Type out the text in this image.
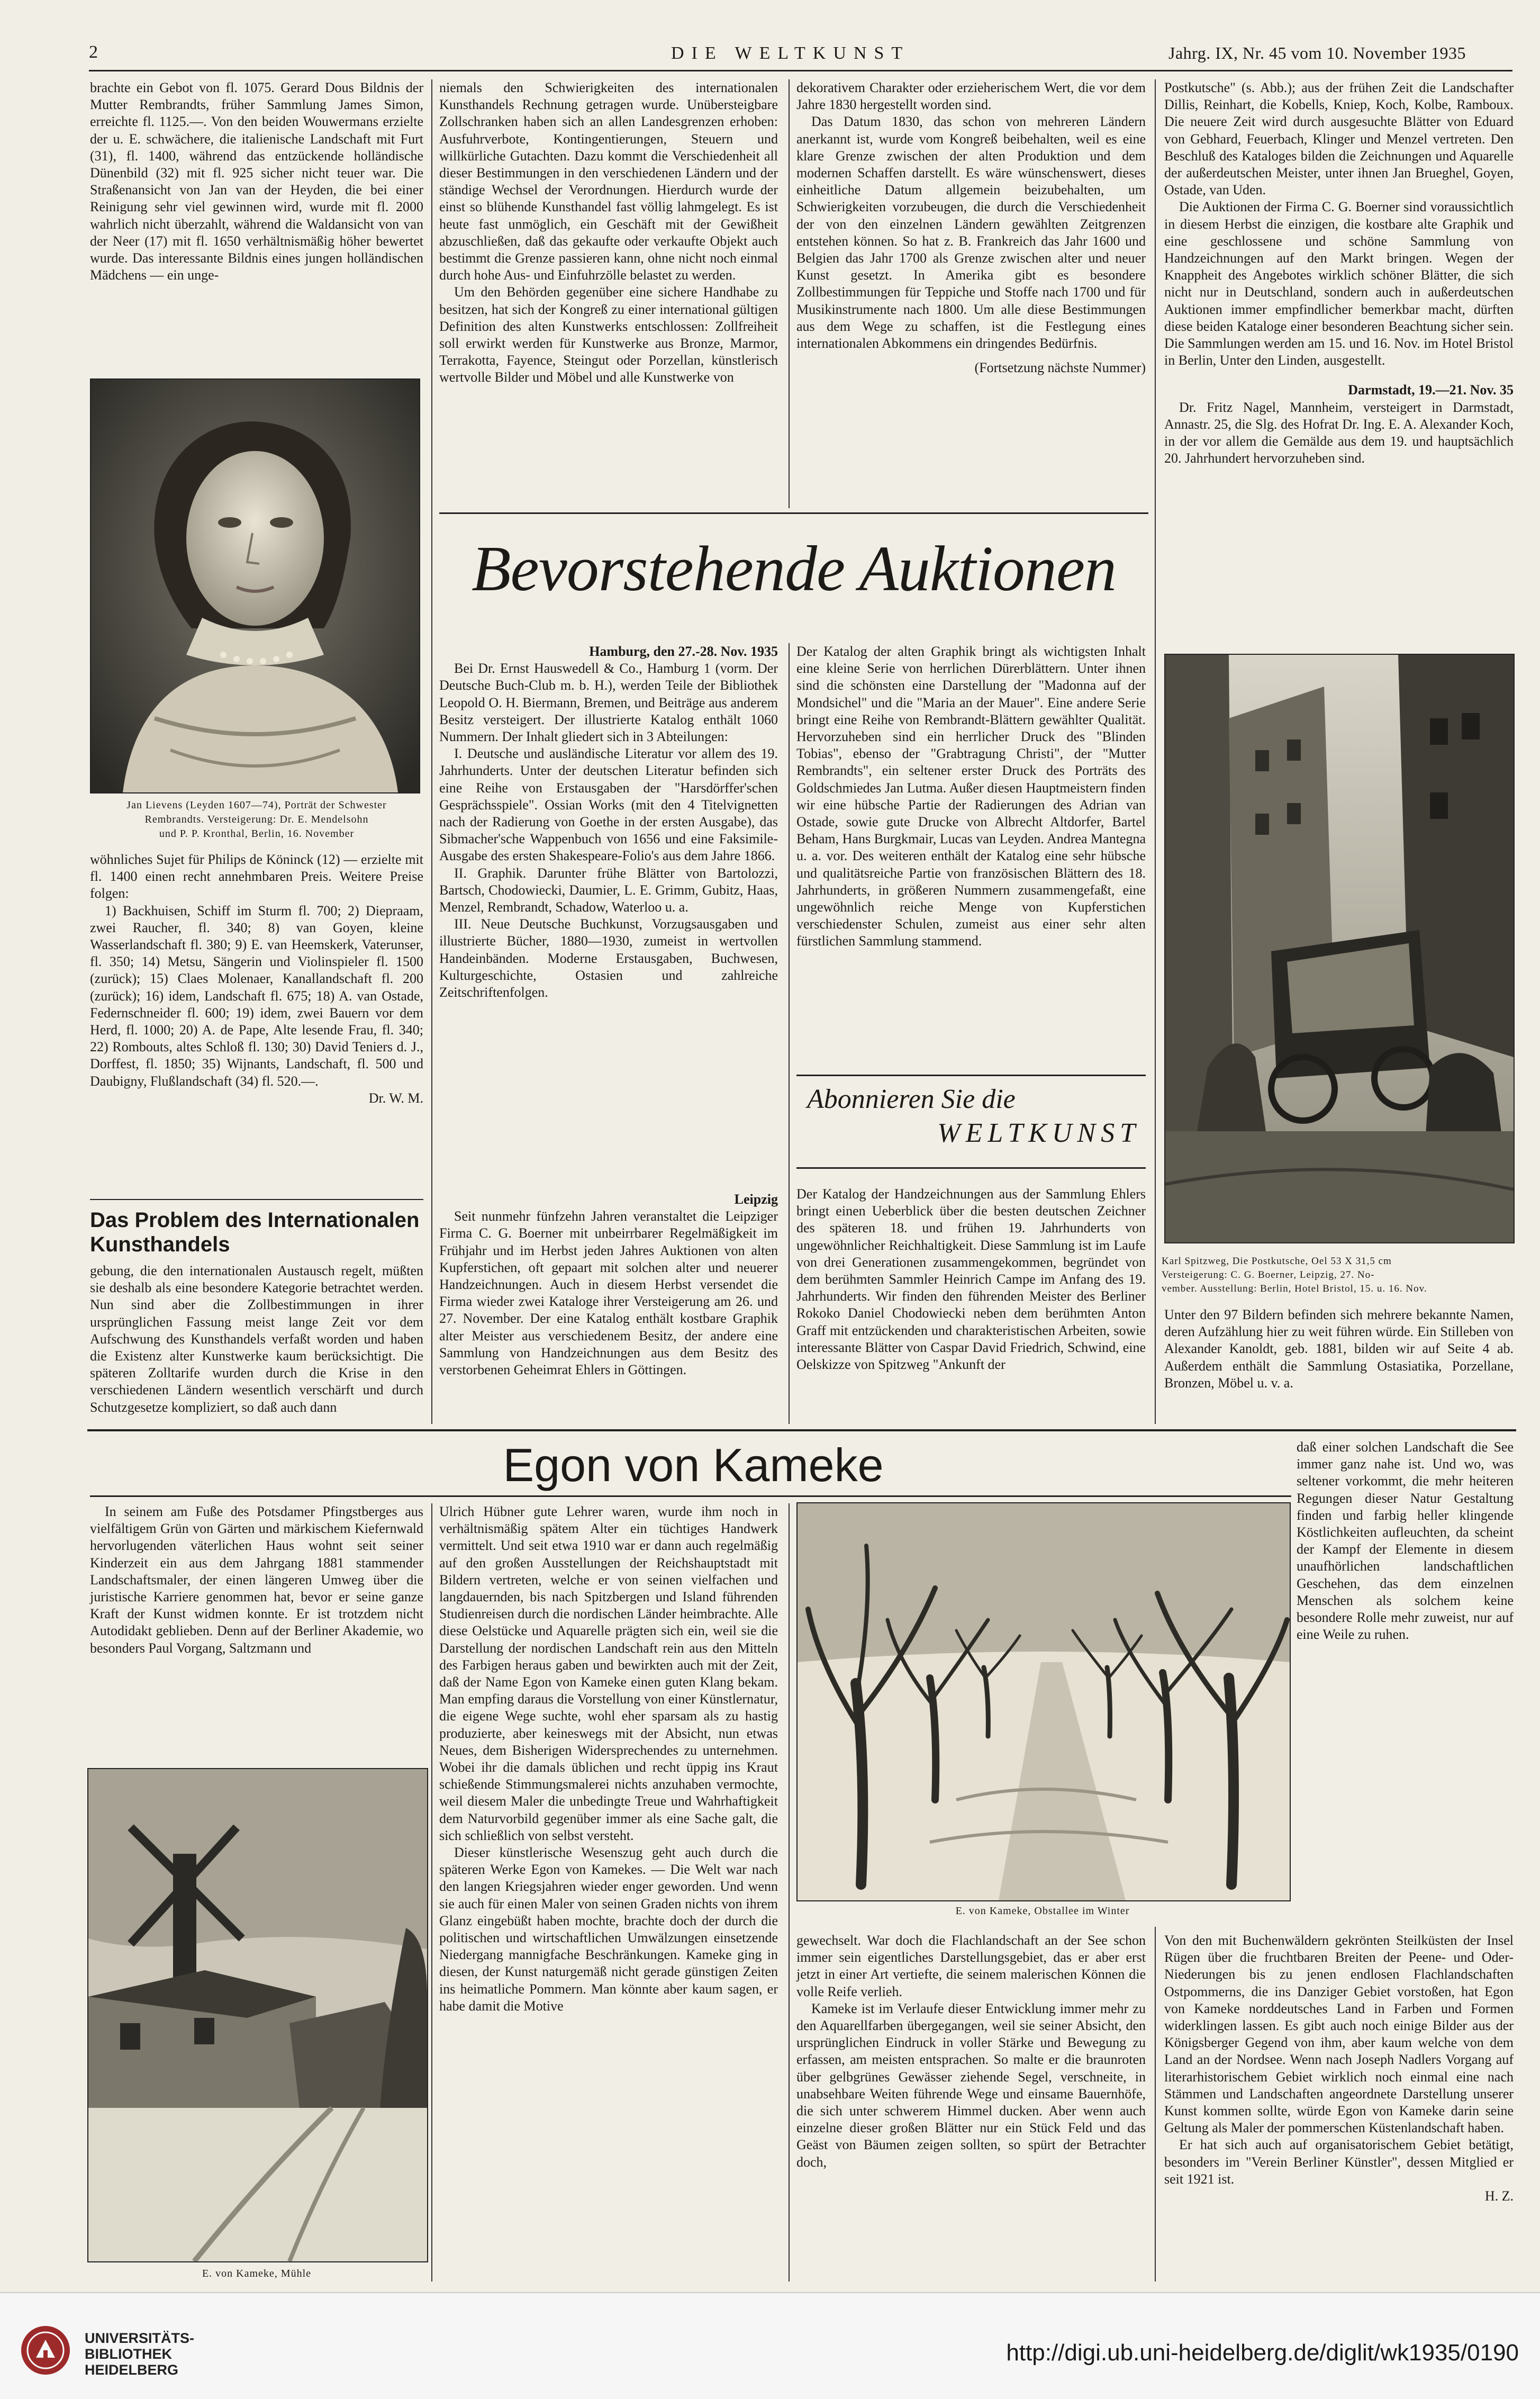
2	DIE WELTKUNST	Jahrg. IX, Nr. 45 vom 10. November 1935

brachte ein Gebot von fl. 1075. Gerard Dous Bildnis der Mutter Rembrandts, früher Sammlung James Simon, erreichte fl. 1125.—. Von den beiden Wouwermans erzielte der u. E. schwächere, die italienische Landschaft mit Furt (31), fl. 1400, während das entzückende holländische Dünenbild (32) mit fl. 925 sicher nicht teuer war. Die Straßenansicht von Jan van der Heyden, die bei einer Reinigung sehr viel gewinnen wird, wurde mit fl. 2000 wahrlich nicht überzahlt, während die Waldansicht von van der Neer (17) mit fl. 1650 verhältnismäßig höher bewertet wurde. Das interessante Bildnis eines jungen holländischen Mädchens — ein unge-

Jan Lievens (Leyden 1607—74), Porträt der Schwester
Rembrandts. Versteigerung: Dr. E. Mendelsohn
und P. P. Kronthal, Berlin, 16. November

wöhnliches Sujet für Philips de Köninck (12) — erzielte mit fl. 1400 einen recht annehmbaren Preis. Weitere Preise folgen:

1) Backhuisen, Schiff im Sturm fl. 700; 2) Diepraam, zwei Raucher, fl. 340; 8) van Goyen, kleine Wasserlandschaft fl. 380; 9) E. van Heemskerk, Vaterunser, fl. 350; 14) Metsu, Sängerin und Violinspieler fl. 1500 (zurück); 15) Claes Molenaer, Kanallandschaft fl. 200 (zurück); 16) idem, Landschaft fl. 675; 18) A. van Ostade, Federnschneider fl. 600; 19) idem, zwei Bauern vor dem Herd, fl. 1000; 20) A. de Pape, Alte lesende Frau, fl. 340; 22) Rombouts, altes Schloß fl. 130; 30) David Teniers d. J., Dorffest, fl. 1850; 35) Wijnants, Landschaft, fl. 500 und Daubigny, Flußlandschaft (34) fl. 520.—.

Dr. W. M.
Das Problem des Internationalen Kunsthandels

gebung, die den internationalen Austausch regelt, müßten sie deshalb als eine besondere Kategorie betrachtet werden. Nun sind aber die Zollbestimmungen in ihrer ursprünglichen Fassung meist lange Zeit vor dem Aufschwung des Kunsthandels verfaßt worden und haben die Existenz alter Kunstwerke kaum berücksichtigt. Die späteren Zolltarife wurden durch die Krise in den verschiedenen Ländern wesentlich verschärft und durch Schutzgesetze kompliziert, so daß auch dann

niemals den Schwierigkeiten des internationalen Kunsthandels Rechnung getragen wurde. Unübersteigbare Zollschranken haben sich an allen Landesgrenzen erhoben: Ausfuhrverbote, Kontingentierungen, Steuern und willkürliche Gutachten. Dazu kommt die Verschiedenheit all dieser Bestimmungen in den verschiedenen Ländern und der ständige Wechsel der Verordnungen. Hierdurch wurde der einst so blühende Kunsthandel fast völlig lahmgelegt. Es ist heute fast unmöglich, ein Geschäft mit der Gewißheit abzuschließen, daß das gekaufte oder verkaufte Objekt auch bestimmt die Grenze passieren kann, ohne nicht noch einmal durch hohe Aus- und Einfuhrzölle belastet zu werden.

Um den Behörden gegenüber eine sichere Handhabe zu besitzen, hat sich der Kongreß zu einer international gültigen Definition des alten Kunstwerks entschlossen: Zollfreiheit soll erwirkt werden für Kunstwerke aus Bronze, Marmor, Terrakotta, Fayence, Steingut oder Porzellan, künstlerisch wertvolle Bilder und Möbel und alle Kunstwerke von

dekorativem Charakter oder erzieherischem Wert, die vor dem Jahre 1830 hergestellt worden sind.

Das Datum 1830, das schon von mehreren Ländern anerkannt ist, wurde vom Kongreß beibehalten, weil es eine klare Grenze zwischen der alten Produktion und dem modernen Schaffen darstellt. Es wäre wünschenswert, dieses einheitliche Datum allgemein beizubehalten, um Schwierigkeiten vorzubeugen, die durch die Verschiedenheit der von den einzelnen Ländern gewählten Zeitgrenzen entstehen können. So hat z. B. Frankreich das Jahr 1600 und Belgien das Jahr 1700 als Grenze zwischen alter und neuer Kunst gesetzt. In Amerika gibt es besondere Zollbestimmungen für Teppiche und Stoffe nach 1700 und für Musikinstrumente nach 1800. Um alle diese Bestimmungen aus dem Wege zu schaffen, ist die Festlegung eines internationalen Abkommens ein dringendes Bedürfnis.

(Fortsetzung nächste Nummer)

Postkutsche" (s. Abb.); aus der frühen Zeit die Landschafter Dillis, Reinhart, die Kobells, Kniep, Koch, Kolbe, Ramboux. Die neuere Zeit wird durch ausgesuchte Blätter von Eduard von Gebhard, Feuerbach, Klinger und Menzel vertreten. Den Beschluß des Kataloges bilden die Zeichnungen und Aquarelle der außerdeutschen Meister, unter ihnen Jan Brueghel, Goyen, Ostade, van Uden.

Die Auktionen der Firma C. G. Boerner sind voraussichtlich in diesem Herbst die einzigen, die kostbare alte Graphik und eine geschlossene und schöne Sammlung von Handzeichnungen auf den Markt bringen. Wegen der Knappheit des Angebotes wirklich schöner Blätter, die sich nicht nur in Deutschland, sondern auch in außerdeutschen Auktionen immer empfindlicher bemerkbar macht, dürften diese beiden Kataloge einer besonderen Beachtung sicher sein. Die Sammlungen werden am 15. und 16. Nov. im Hotel Bristol in Berlin, Unter den Linden, ausgestellt.

Darmstadt, 19.—21. Nov. 35

Dr. Fritz Nagel, Mannheim, versteigert in Darmstadt, Annastr. 25, die Slg. des Hofrat Dr. Ing. E. A. Alexander Koch, in der vor allem die Gemälde aus dem 19. und hauptsächlich 20. Jahrhundert hervorzuheben sind.

Bevorstehende Auktionen
Hamburg, den 27.-28. Nov. 1935

Bei Dr. Ernst Hauswedell & Co., Hamburg 1 (vorm. Der Deutsche Buch-Club m. b. H.), werden Teile der Bibliothek Leopold O. H. Biermann, Bremen, und Beiträge aus anderem Besitz versteigert. Der illustrierte Katalog enthält 1060 Nummern. Der Inhalt gliedert sich in 3 Abteilungen:

I. Deutsche und ausländische Literatur vor allem des 19. Jahrhunderts. Unter der deutschen Literatur befinden sich eine Reihe von Erstausgaben der "Harsdörffer'schen Gesprächsspiele". Ossian Works (mit den 4 Titelvignetten nach der Radierung von Goethe in der ersten Ausgabe), das Sibmacher'sche Wappenbuch von 1656 und eine Faksimile-Ausgabe des ersten Shakespeare-Folio's aus dem Jahre 1866.

II. Graphik. Darunter frühe Blätter von Bartolozzi, Bartsch, Chodowiecki, Daumier, L. E. Grimm, Gubitz, Haas, Menzel, Rembrandt, Schadow, Waterloo u. a.

III. Neue Deutsche Buchkunst, Vorzugsausgaben und illustrierte Bücher, 1880—1930, zumeist in wertvollen Handeinbänden. Moderne Erstausgaben, Buchwesen, Kulturgeschichte, Ostasien und zahlreiche Zeitschriftenfolgen.

Leipzig

Seit nunmehr fünfzehn Jahren veranstaltet die Leipziger Firma C. G. Boerner mit unbeirrbarer Regelmäßigkeit im Frühjahr und im Herbst jeden Jahres Auktionen von alten Kupferstichen, oft gepaart mit solchen alter und neuerer Handzeichnungen. Auch in diesem Herbst versendet die Firma wieder zwei Kataloge ihrer Versteigerung am 26. und 27. November. Der eine Katalog enthält kostbare Graphik alter Meister aus verschiedenem Besitz, der andere eine Sammlung von Handzeichnungen aus dem Besitz des verstorbenen Geheimrat Ehlers in Göttingen.

Der Katalog der alten Graphik bringt als wichtigsten Inhalt eine kleine Serie von herrlichen Dürerblättern. Unter ihnen sind die schönsten eine Darstellung der "Madonna auf der Mondsichel" und die "Maria an der Mauer". Eine andere Serie bringt eine Reihe von Rembrandt-Blättern gewählter Qualität. Hervorzuheben sind ein herrlicher Druck des "Blinden Tobias", ebenso der "Grabtragung Christi", der "Mutter Rembrandts", ein seltener erster Druck des Porträts des Goldschmiedes Jan Lutma. Außer diesen Hauptmeistern finden wir eine hübsche Partie der Radierungen des Adrian van Ostade, sowie gute Drucke von Albrecht Altdorfer, Bartel Beham, Hans Burgkmair, Lucas van Leyden. Andrea Mantegna u. a. vor. Des weiteren enthält der Katalog eine sehr hübsche und qualitätsreiche Partie von französischen Blättern des 18. Jahrhunderts, in größeren Nummern zusammengefaßt, eine ungewöhnlich reiche Menge von Kupferstichen verschiedenster Schulen, zumeist aus einer sehr alten fürstlichen Sammlung stammend.

Abonnieren Sie die
WELTKUNST

Der Katalog der Handzeichnungen aus der Sammlung Ehlers bringt einen Ueberblick über die besten deutschen Zeichner des späteren 18. und frühen 19. Jahrhunderts von ungewöhnlicher Reichhaltigkeit. Diese Sammlung ist im Laufe von drei Generationen zusammengekommen, begründet von dem berühmten Sammler Heinrich Campe im Anfang des 19. Jahrhunderts. Wir finden den führenden Meister des Berliner Rokoko Daniel Chodowiecki neben dem berühmten Anton Graff mit entzückenden und charakteristischen Arbeiten, sowie interessante Blätter von Caspar David Friedrich, Schwind, eine Oelskizze von Spitzweg "Ankunft der

Karl Spitzweg, Die Postkutsche, Oel 53 X 31,5 cm
Versteigerung: C. G. Boerner, Leipzig, 27. No-
vember. Ausstellung: Berlin, Hotel Bristol, 15. u. 16. Nov.

Unter den 97 Bildern befinden sich mehrere bekannte Namen, deren Aufzählung hier zu weit führen würde. Ein Stilleben von Alexander Kanoldt, geb. 1881, bilden wir auf Seite 4 ab. Außerdem enthält die Sammlung Ostasiatika, Porzellane, Bronzen, Möbel u. v. a.

Egon von Kameke

In seinem am Fuße des Potsdamer Pfingstberges aus vielfältigem Grün von Gärten und märkischem Kiefernwald hervorlugenden väterlichen Haus wohnt seit seiner Kinderzeit ein aus dem Jahrgang 1881 stammender Landschaftsmaler, der einen längeren Umweg über die juristische Karriere genommen hat, bevor er seine ganze Kraft der Kunst widmen konnte. Er ist trotzdem nicht Autodidakt geblieben. Denn auf der Berliner Akademie, wo besonders Paul Vorgang, Saltzmann und

E. von Kameke, Mühle

Ulrich Hübner gute Lehrer waren, wurde ihm noch in verhältnismäßig spätem Alter ein tüchtiges Handwerk vermittelt. Und seit etwa 1910 war er dann auch regelmäßig auf den großen Ausstellungen der Reichshauptstadt mit Bildern vertreten, welche er von seinen vielfachen und langdauernden, bis nach Spitzbergen und Island führenden Studienreisen durch die nordischen Länder heimbrachte. Alle diese Oelstücke und Aquarelle prägten sich ein, weil sie die Darstellung der nordischen Landschaft rein aus den Mitteln des Farbigen heraus gaben und bewirkten auch mit der Zeit, daß der Name Egon von Kameke einen guten Klang bekam. Man empfing daraus die Vorstellung von einer Künstlernatur, die eigene Wege suchte, wohl eher sparsam als zu hastig produzierte, aber keineswegs mit der Absicht, nun etwas Neues, dem Bisherigen Widersprechendes zu unternehmen. Wobei ihr die damals üblichen und recht üppig ins Kraut schießende Stimmungsmalerei nichts anzuhaben vermochte, weil diesem Maler die unbedingte Treue und Wahrhaftigkeit dem Naturvorbild gegenüber immer als eine Sache galt, die sich schließlich von selbst versteht.

Dieser künstlerische Wesenszug geht auch durch die späteren Werke Egon von Kamekes. — Die Welt war nach den langen Kriegsjahren wieder enger geworden. Und wenn sie auch für einen Maler von seinen Graden nichts von ihrem Glanz eingebüßt haben mochte, brachte doch der durch die politischen und wirtschaftlichen Umwälzungen einsetzende Niedergang mannigfache Beschränkungen. Kameke ging in diesen, der Kunst naturgemäß nicht gerade günstigen Zeiten ins heimatliche Pommern. Man könnte aber kaum sagen, er habe damit die Motive

E. von Kameke, Obstallee im Winter

gewechselt. War doch die Flachlandschaft an der See schon immer sein eigentliches Darstellungsgebiet, das er aber erst jetzt in einer Art vertiefte, die seinem malerischen Können die volle Reife verlieh.

Kameke ist im Verlaufe dieser Entwicklung immer mehr zu den Aquarellfarben übergegangen, weil sie seiner Absicht, den ursprünglichen Eindruck in voller Stärke und Bewegung zu erfassen, am meisten entsprachen. So malte er die braunroten über gelbgrünes Gewässer ziehende Segel, verschneite, in unabsehbare Weiten führende Wege und einsame Bauernhöfe, die sich unter schwerem Himmel ducken. Aber wenn auch einzelne dieser großen Blätter nur ein Stück Feld und das Geäst von Bäumen zeigen sollten, so spürt der Betrachter doch,

daß einer solchen Landschaft die See immer ganz nahe ist. Und wo, was seltener vorkommt, die mehr heiteren Regungen dieser Natur Gestaltung finden und farbig heller klingende Köstlichkeiten aufleuchten, da scheint der Kampf der Elemente in diesem unaufhörlichen landschaftlichen Geschehen, das dem einzelnen Menschen als solchem keine besondere Rolle mehr zuweist, nur auf eine Weile zu ruhen.

Von den mit Buchenwäldern gekrönten Steilküsten der Insel Rügen über die fruchtbaren Breiten der Peene- und Oder-Niederungen bis zu jenen endlosen Flachlandschaften Ostpommerns, die ins Danziger Gebiet vorstoßen, hat Egon von Kameke norddeutsches Land in Farben und Formen widerklingen lassen. Es gibt auch noch einige Bilder aus der Königsberger Gegend von ihm, aber kaum welche von dem Land an der Nordsee. Wenn nach Joseph Nadlers Vorgang auf literarhistorischem Gebiet wirklich noch einmal eine nach Stämmen und Landschaften angeordnete Darstellung unserer Kunst kommen sollte, würde Egon von Kameke darin seine Geltung als Maler der pommerschen Küstenlandschaft haben.

Er hat sich auch auf organisatorischem Gebiet betätigt, besonders im "Verein Berliner Künstler", dessen Mitglied er seit 1921 ist.

H. Z.
UNIVERSITÄTS-
BIBLIOTHEK
HEIDELBERG
http://digi.ub.uni-heidelberg.de/diglit/wk1935/0190
